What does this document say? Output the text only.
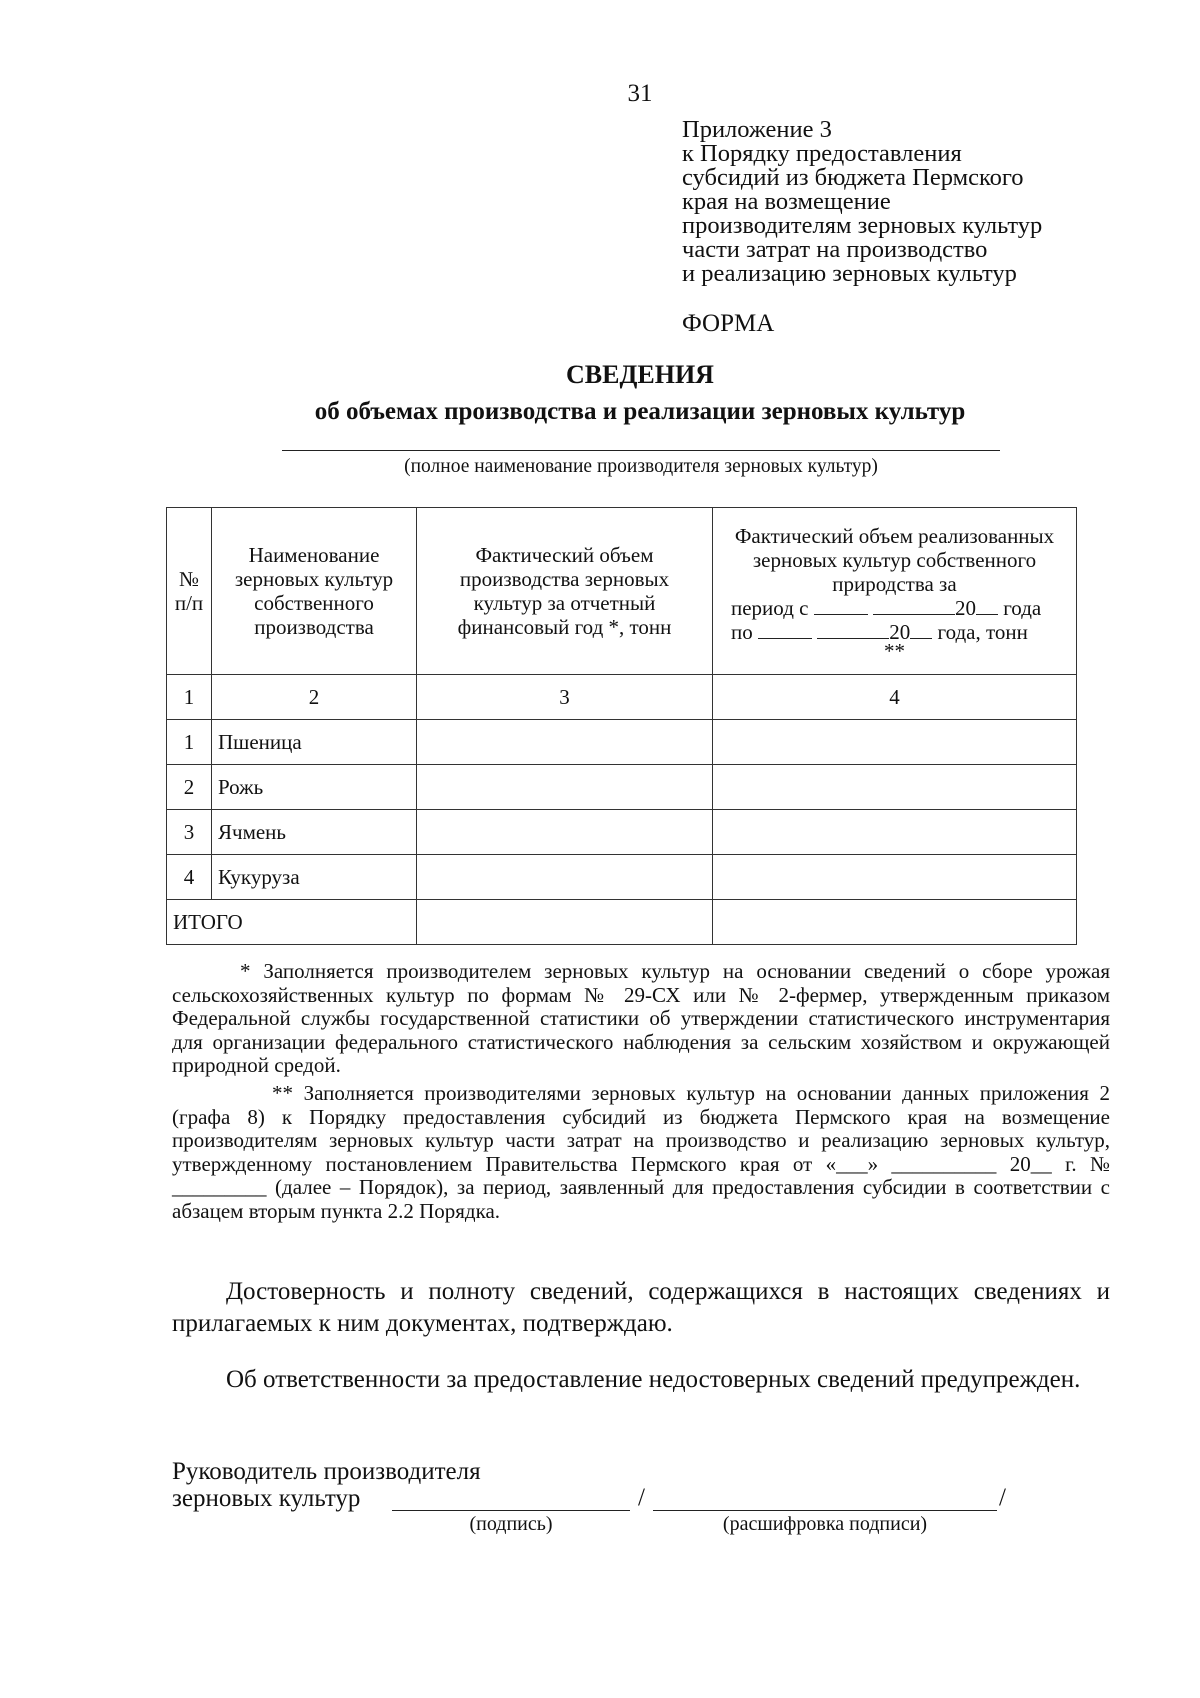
31
Приложение 3
к Порядку предоставления
субсидий из бюджета Пермского
края на возмещение
производителям зерновых культур
части затрат на производство
и реализацию зерновых культур
ФОРМА
СВЕДЕНИЯ
об объемах производства и реализации зерновых культур
(полное наименование производителя зерновых культур)
№ п/п	Наименование зерновых культур собственного производства	Фактический объем производства зерновых культур за отчетный финансовый год *, тонн	Фактический объем реализованных зерновых культур собственного природства за
период с 20 года
по 20 года, тонн
**

1	2	3	4
1	Пшеница		
2	Рожь		
3	Ячмень		
4	Кукуруза		
ИТОГО			
* Заполняется производителем зерновых культур на основании сведений о сборе урожая сельскохозяйственных культур по формам № 29-СХ или № 2-фермер, утвержденным приказом Федеральной службы государственной статистики об утверждении статистического инструментария для организации федерального статистического наблюдения за сельским хозяйством и окружающей природной средой.
** Заполняется производителями зерновых культур на основании данных приложения 2 (графа 8) к Порядку предоставления субсидий из бюджета Пермского края на возмещение производителям зерновых культур части затрат на производство и реализацию зерновых культур, утвержденному постановлением Правительства Пермского края от «___» __________ 20__ г. № _________ (далее – Порядок), за период, заявленный для предоставления субсидии в соответствии с абзацем вторым пункта 2.2 Порядка.
Достоверность и полноту сведений, содержащихся в настоящих сведениях и прилагаемых к ним документах, подтверждаю.
Об ответственности за предоставление недостоверных сведений предупрежден.
Руководитель производителя
зерновых культур	/	/
(подпись)	(расшифровка подписи)
